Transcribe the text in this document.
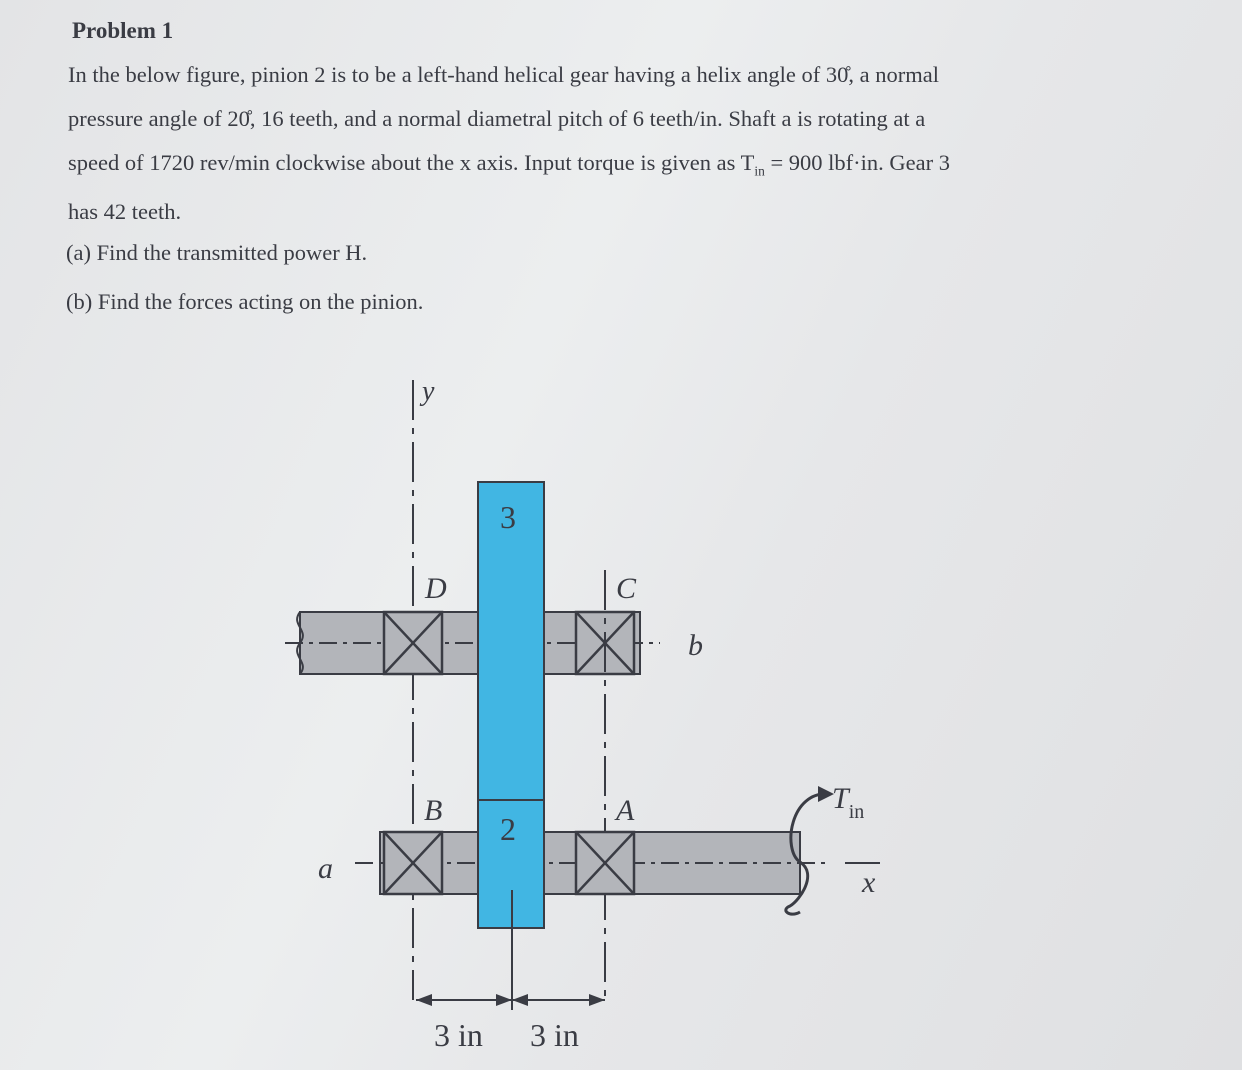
Problem 1
In the below figure, pinion 2 is to be a left-hand helical gear having a helix angle of 30̊, a normal
pressure angle of 20̊, 16 teeth, and a normal diametral pitch of 6 teeth/in. Shaft a is rotating at a
speed of 1720 rev/min clockwise about the x axis. Input torque is given as $T_{in} = 900$ lbf·in. Gear 3
has 42 teeth.
(a) Find the transmitted power H.
(b) Find the forces acting on the pinion.
y
b
a
3
2
D	C
B	A	$T_{in}$
x
3 in 3 in
